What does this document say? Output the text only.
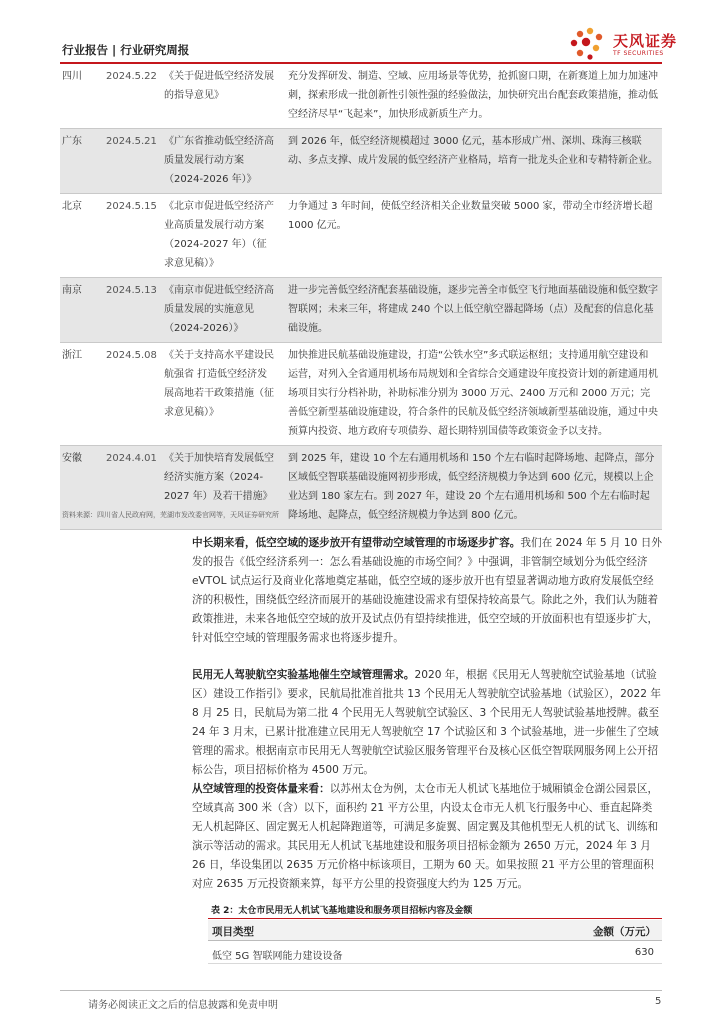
行业报告 | 行业研究周报	天风证券
TF SECURITIES
四川	2024.5.22	《关于促进低空经济发展的指导意见》	充分发挥研发、制造、空域、应用场景等优势，抢抓窗口期，在新赛道上加力加速冲刺，探索形成一批创新性引领性强的经验做法，加快研究出台配套政策措施，推动低空经济尽早“飞起来”，加快形成新质生产力。
广东	2024.5.21	《广东省推动低空经济高质量发展行动方案（2024-2026 年）》	到 2026 年，低空经济规模超过 3000 亿元，基本形成广州、深圳、珠海三核联动、多点支撑、成片发展的低空经济产业格局，培育一批龙头企业和专精特新企业。
北京	2024.5.15	《北京市促进低空经济产业高质量发展行动方案（2024-2027 年）（征求意见稿）》	力争通过 3 年时间，使低空经济相关企业数量突破 5000 家，带动全市经济增长超 1000 亿元。
南京	2024.5.13	《南京市促进低空经济高质量发展的实施意见（2024-2026）》	进一步完善低空经济配套基础设施，逐步完善全市低空飞行地面基础设施和低空数字智联网；未来三年，将建成 240 个以上低空航空器起降场（点）及配套的信息化基础设施。
浙江	2024.5.08	《关于支持高水平建设民航强省 打造低空经济发展高地若干政策措施（征求意见稿）》	加快推进民航基础设施建设，打造“公铁水空”多式联运枢纽；支持通用航空建设和运营，对列入全省通用机场布局规划和全省综合交通建设年度投资计划的新建通用机场项目实行分档补助，补助标准分别为 3000 万元、2400 万元和 2000 万元；完善低空新型基础设施建设，符合条件的民航及低空经济领域新型基础设施，通过中央预算内投资、地方政府专项债券、超长期特别国债等政策资金予以支持。
安徽	2024.4.01	《关于加快培育发展低空经济实施方案（2024-2027 年）及若干措施》	到 2025 年，建设 10 个左右通用机场和 150 个左右临时起降场地、起降点，部分区域低空智联基础设施网初步形成，低空经济规模力争达到 600 亿元，规模以上企业达到 180 家左右。到 2027 年，建设 20 个左右通用机场和 500 个左右临时起降场地、起降点，低空经济规模力争达到 800 亿元。
资料来源：四川省人民政府网，芜湖市发改委官网等，天风证券研究所

中长期来看，低空空域的逐步放开有望带动空域管理的市场逐步扩容。我们在 2024 年 5 月 10 日外发的报告《低空经济系列一：怎么看基础设施的市场空间？》中强调，非管制空域划分为低空经济 eVTOL 试点运行及商业化落地奠定基础，低空空域的逐步放开也有望显著调动地方政府发展低空经济的积极性，围绕低空经济而展开的基础设施建设需求有望保持较高景气。除此之外，我们认为随着政策推进，未来各地低空空域的放开及试点仍有望持续推进，低空空域的开放面积也有望逐步扩大，针对低空空域的管理服务需求也将逐步提升。

民用无人驾驶航空实验基地催生空域管理需求。2020 年，根据《民用无人驾驶航空试验基地（试验区）建设工作指引》要求，民航局批准首批共 13 个民用无人驾驶航空试验基地（试验区），2022 年 8 月 25 日，民航局为第二批 4 个民用无人驾驶航空试验区、3 个民用无人驾驶试验基地授牌。截至 24 年 3 月末，已累计批准建立民用无人驾驶航空 17 个试验区和 3 个试验基地，进一步催生了空域管理的需求。根据南京市民用无人驾驶航空试验区服务管理平台及核心区低空智联网服务网上公开招标公告，项目招标价格为 4500 万元。

从空域管理的投资体量来看：以苏州太仓为例，太仓市无人机试飞基地位于城厢镇金仓湖公园景区，空域真高 300 米（含）以下，面积约 21 平方公里，内设太仓市无人机飞行服务中心、垂直起降类无人机起降区、固定翼无人机起降跑道等，可满足多旋翼、固定翼及其他机型无人机的试飞、训练和演示等活动的需求。其民用无人机试飞基地建设和服务项目招标金额为 2650 万元，2024 年 3 月 26 日，华设集团以 2635 万元价格中标该项目，工期为 60 天。如果按照 21 平方公里的管理面积对应 2635 万元投资额来算，每平方公里的投资强度大约为 125 万元。

表 2：太仓市民用无人机试飞基地建设和服务项目招标内容及金额
项目类型	金额（万元）
低空 5G 智联网能力建设设备	630
请务必阅读正文之后的信息披露和免责申明	5
